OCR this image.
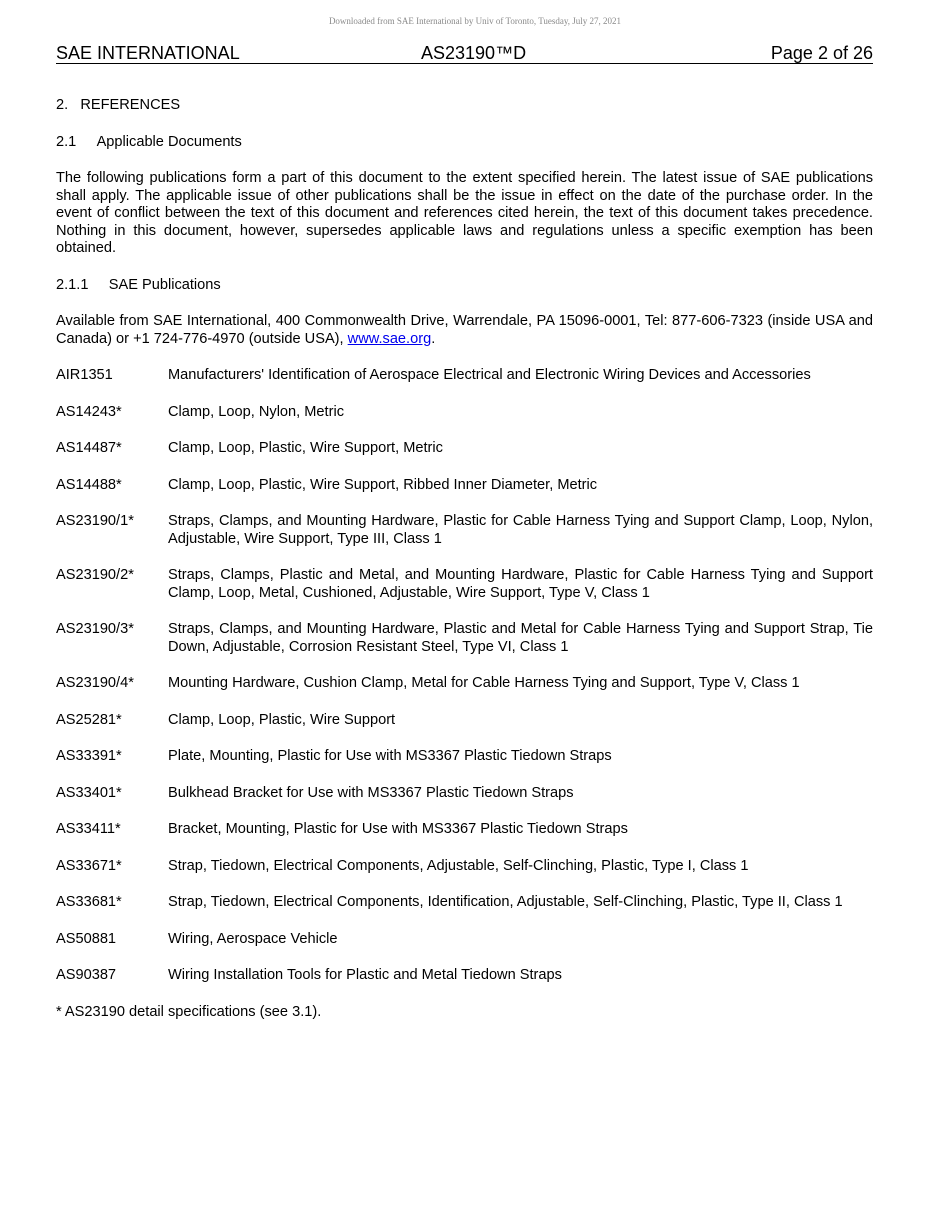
Downloaded from SAE International by Univ of Toronto, Tuesday, July 27, 2021
SAE INTERNATIONAL	AS23190™D	Page 2 of 26
2. REFERENCES
2.1 Applicable Documents
The following publications form a part of this document to the extent specified herein. The latest issue of SAE publications shall apply. The applicable issue of other publications shall be the issue in effect on the date of the purchase order. In the event of conflict between the text of this document and references cited herein, the text of this document takes precedence. Nothing in this document, however, supersedes applicable laws and regulations unless a specific exemption has been obtained.
2.1.1 SAE Publications
Available from SAE International, 400 Commonwealth Drive, Warrendale, PA 15096-0001, Tel: 877-606-7323 (inside USA and Canada) or +1 724-776-4970 (outside USA), www.sae.org.
AIR1351	Manufacturers' Identification of Aerospace Electrical and Electronic Wiring Devices and Accessories
AS14243*	Clamp, Loop, Nylon, Metric
AS14487*	Clamp, Loop, Plastic, Wire Support, Metric
AS14488*	Clamp, Loop, Plastic, Wire Support, Ribbed Inner Diameter, Metric
AS23190/1*	Straps, Clamps, and Mounting Hardware, Plastic for Cable Harness Tying and Support Clamp, Loop, Nylon, Adjustable, Wire Support, Type III, Class 1
AS23190/2*	Straps, Clamps, Plastic and Metal, and Mounting Hardware, Plastic for Cable Harness Tying and Support Clamp, Loop, Metal, Cushioned, Adjustable, Wire Support, Type V, Class 1
AS23190/3*	Straps, Clamps, and Mounting Hardware, Plastic and Metal for Cable Harness Tying and Support Strap, Tie Down, Adjustable, Corrosion Resistant Steel, Type VI, Class 1
AS23190/4*	Mounting Hardware, Cushion Clamp, Metal for Cable Harness Tying and Support, Type V, Class 1
AS25281*	Clamp, Loop, Plastic, Wire Support
AS33391*	Plate, Mounting, Plastic for Use with MS3367 Plastic Tiedown Straps
AS33401*	Bulkhead Bracket for Use with MS3367 Plastic Tiedown Straps
AS33411*	Bracket, Mounting, Plastic for Use with MS3367 Plastic Tiedown Straps
AS33671*	Strap, Tiedown, Electrical Components, Adjustable, Self-Clinching, Plastic, Type I, Class 1
AS33681*	Strap, Tiedown, Electrical Components, Identification, Adjustable, Self-Clinching, Plastic, Type II, Class 1
AS50881	Wiring, Aerospace Vehicle
AS90387	Wiring Installation Tools for Plastic and Metal Tiedown Straps
* AS23190 detail specifications (see 3.1).
